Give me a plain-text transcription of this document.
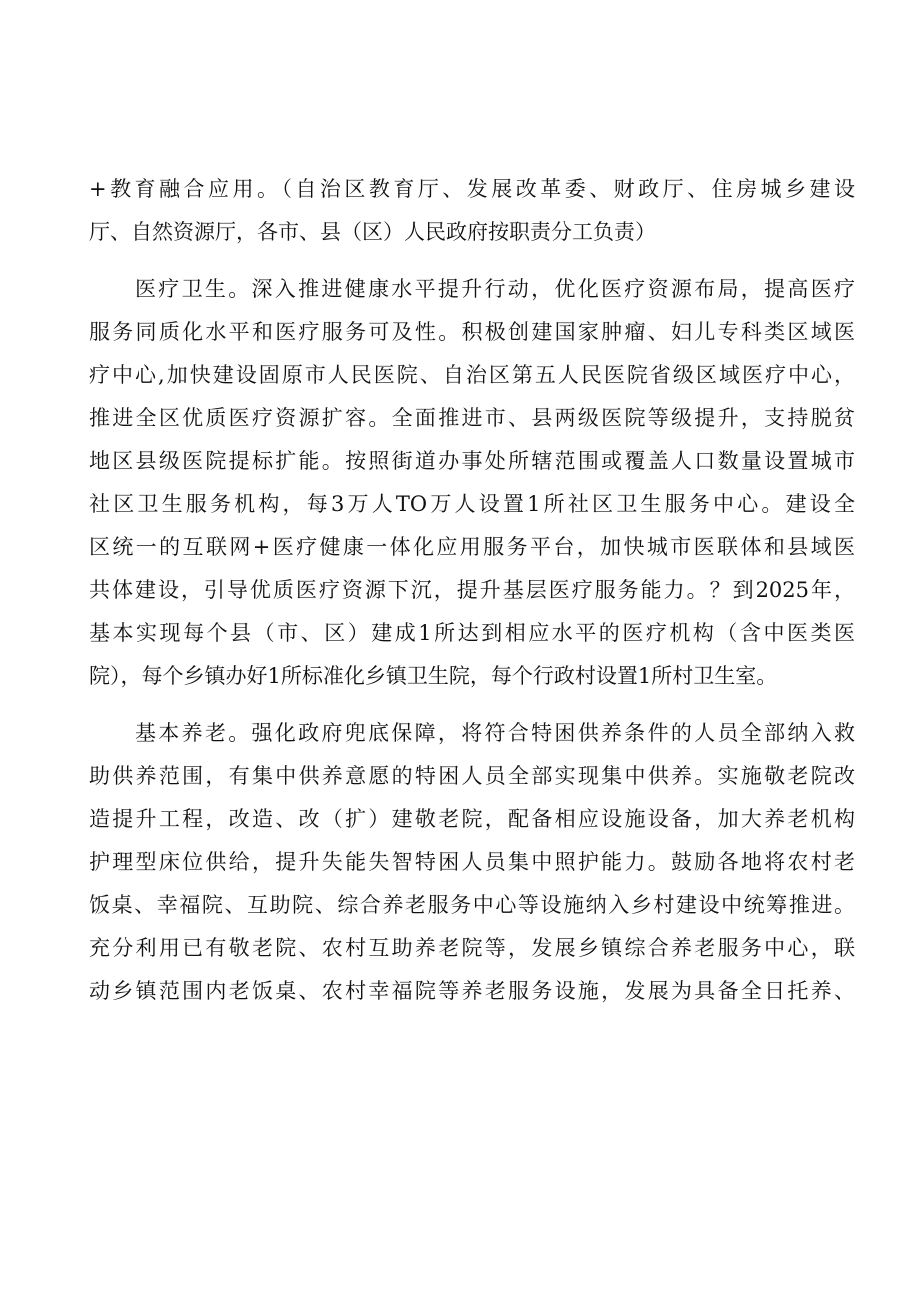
+教育融合应用。（自治区教育厅、发展改革委、财政厅、住房城乡建设
厅、自然资源厅，各市、县（区）人民政府按职责分工负责）
医疗卫生。深入推进健康水平提升行动，优化医疗资源布局，提高医疗
服务同质化水平和医疗服务可及性。积极创建国家肿瘤、妇儿专科类区域医
疗中心,加快建设固原市人民医院、自治区第五人民医院省级区域医疗中心，
推进全区优质医疗资源扩容。全面推进市、县两级医院等级提升，支持脱贫
地区县级医院提标扩能。按照街道办事处所辖范围或覆盖人口数量设置城市
社区卫生服务机构，每3万人TO万人设置1所社区卫生服务中心。建设全
区统一的互联网+医疗健康一体化应用服务平台，加快城市医联体和县域医
共体建设，引导优质医疗资源下沉，提升基层医疗服务能力。？到2025年，
基本实现每个县（市、区）建成1所达到相应水平的医疗机构（含中医类医
院），每个乡镇办好1所标准化乡镇卫生院，每个行政村设置1所村卫生室。
基本养老。强化政府兜底保障，将符合特困供养条件的人员全部纳入救
助供养范围，有集中供养意愿的特困人员全部实现集中供养。实施敬老院改
造提升工程，改造、改（扩）建敬老院，配备相应设施设备，加大养老机构
护理型床位供给，提升失能失智特困人员集中照护能力。鼓励各地将农村老
饭桌、幸福院、互助院、综合养老服务中心等设施纳入乡村建设中统筹推进。
充分利用已有敬老院、农村互助养老院等，发展乡镇综合养老服务中心，联
动乡镇范围内老饭桌、农村幸福院等养老服务设施，发展为具备全日托养、
